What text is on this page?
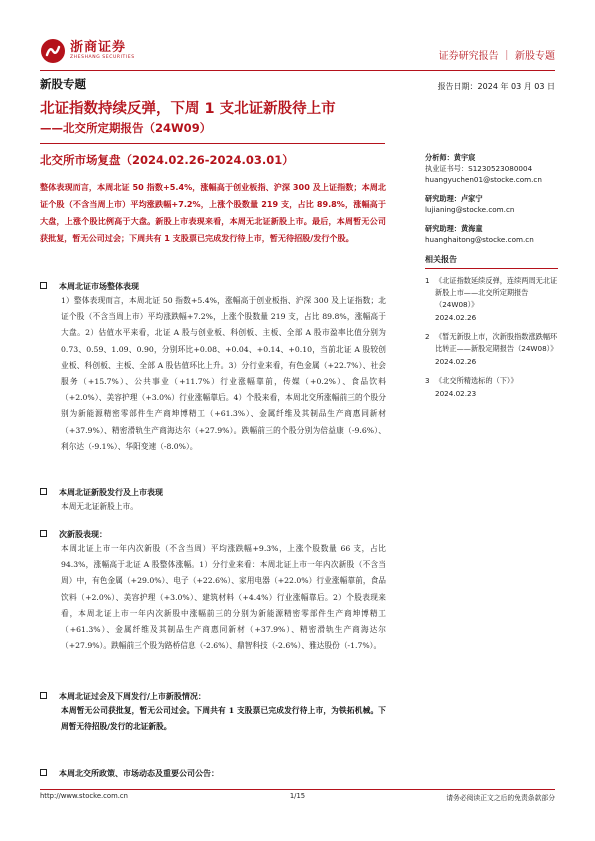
浙商证券
ZHESHANG SECURITIES	证券研究报告 ｜ 新股专题
新股专题	报告日期：2024 年 03 月 03 日
北证指数持续反弹，下周 1 支北证新股待上市
——北交所定期报告（24W09）
北交所市场复盘（2024.02.26-2024.03.01）
整体表现而言，本周北证 50 指数+5.4%，涨幅高于创业板指、沪深 300 及上证指数；本周北证个股（不含当周上市）平均涨跌幅+7.2%，上涨个股数量 219 支，占比 89.8%，涨幅高于大盘，上涨个股比例高于大盘。新股上市表现来看，本周无北证新股上市。最后，本周暂无公司获批复，暂无公司过会；下周共有 1 支股票已完成发行待上市，暂无待招股/发行个股。
本周北证市场整体表现
1）整体表现而言，本周北证 50 指数+5.4%，涨幅高于创业板指、沪深 300 及上证指数；北证个股（不含当周上市）平均涨跌幅+7.2%，上涨个股数量 219 支，占比 89.8%，涨幅高于大盘。2）估值水平来看，北证 A 股与创业板、科创板、主板、全部 A 股市盈率比值分别为 0.73、0.59、1.09、0.90，分别环比+0.08、+0.04、+0.14、+0.10，当前北证 A 股较创业板、科创板、主板、全部 A 股估值环比上升。3）分行业来看，有色金属（+22.7%）、社会服务（+15.7%）、公共事业（+11.7%）行业涨幅靠前，传媒（+0.2%）、食品饮料（+2.0%）、美容护理（+3.0%）行业涨幅靠后。4）个股来看，本周北交所涨幅前三的个股分别为新能源精密零部件生产商坤博精工（+61.3%）、金属纤维及其制品生产商惠同新材（+37.9%）、精密滑轨生产商海达尔（+27.9%）。跌幅前三的个股分别为倍益康（-9.6%）、利尔达（-9.1%）、华阳变速（-8.0%）。
本周北证新股发行及上市表现
本周无北证新股上市。
次新股表现：
本周北证上市一年内次新股（不含当周）平均涨跌幅+9.3%，上涨个股数量 66 支，占比 94.3%，涨幅高于北证 A 股整体涨幅。1）分行业来看：本周北证上市一年内次新股（不含当周）中，有色金属（+29.0%）、电子（+22.6%）、家用电器（+22.0%）行业涨幅靠前，食品饮料（+2.0%）、美容护理（+3.0%）、建筑材料（+4.4%）行业涨幅靠后。2）个股表现来看，本周北证上市一年内次新股中涨幅前三的分别为新能源精密零部件生产商坤博精工（+61.3%）、金属纤维及其制品生产商惠同新材（+37.9%）、精密滑轨生产商海达尔（+27.9%）。跌幅前三个股为路桥信息（-2.6%）、鼎智科技（-2.6%）、雅达股份（-1.7%）。
本周北证过会及下周发行/上市新股情况：
本周暂无公司获批复，暂无公司过会。下周共有 1 支股票已完成发行待上市，为铁拓机械。下周暂无待招股/发行的北证新股。
本周北交所政策、市场动态及重要公司公告：
分析师：黄宇宸
执业证书号：S1230523080004
huangyuchen01@stocke.com.cn
研究助理：卢家宁
lujianing@stocke.com.cn
研究助理：黄海童
huanghaitong@stocke.com.cn
相关报告
1 《北证指数延续反弹，连续两周无北证新股上市——北交所定期报告（24W08）》
2024.02.26
2 《暂无新股上市，次新股指数涨跌幅环比转正——新股定期报告（24W08）》
2024.02.26
3 《北交所精选标的（下）》
2024.02.23
http://www.stocke.com.cn	1/15	请务必阅读正文之后的免责条款部分
